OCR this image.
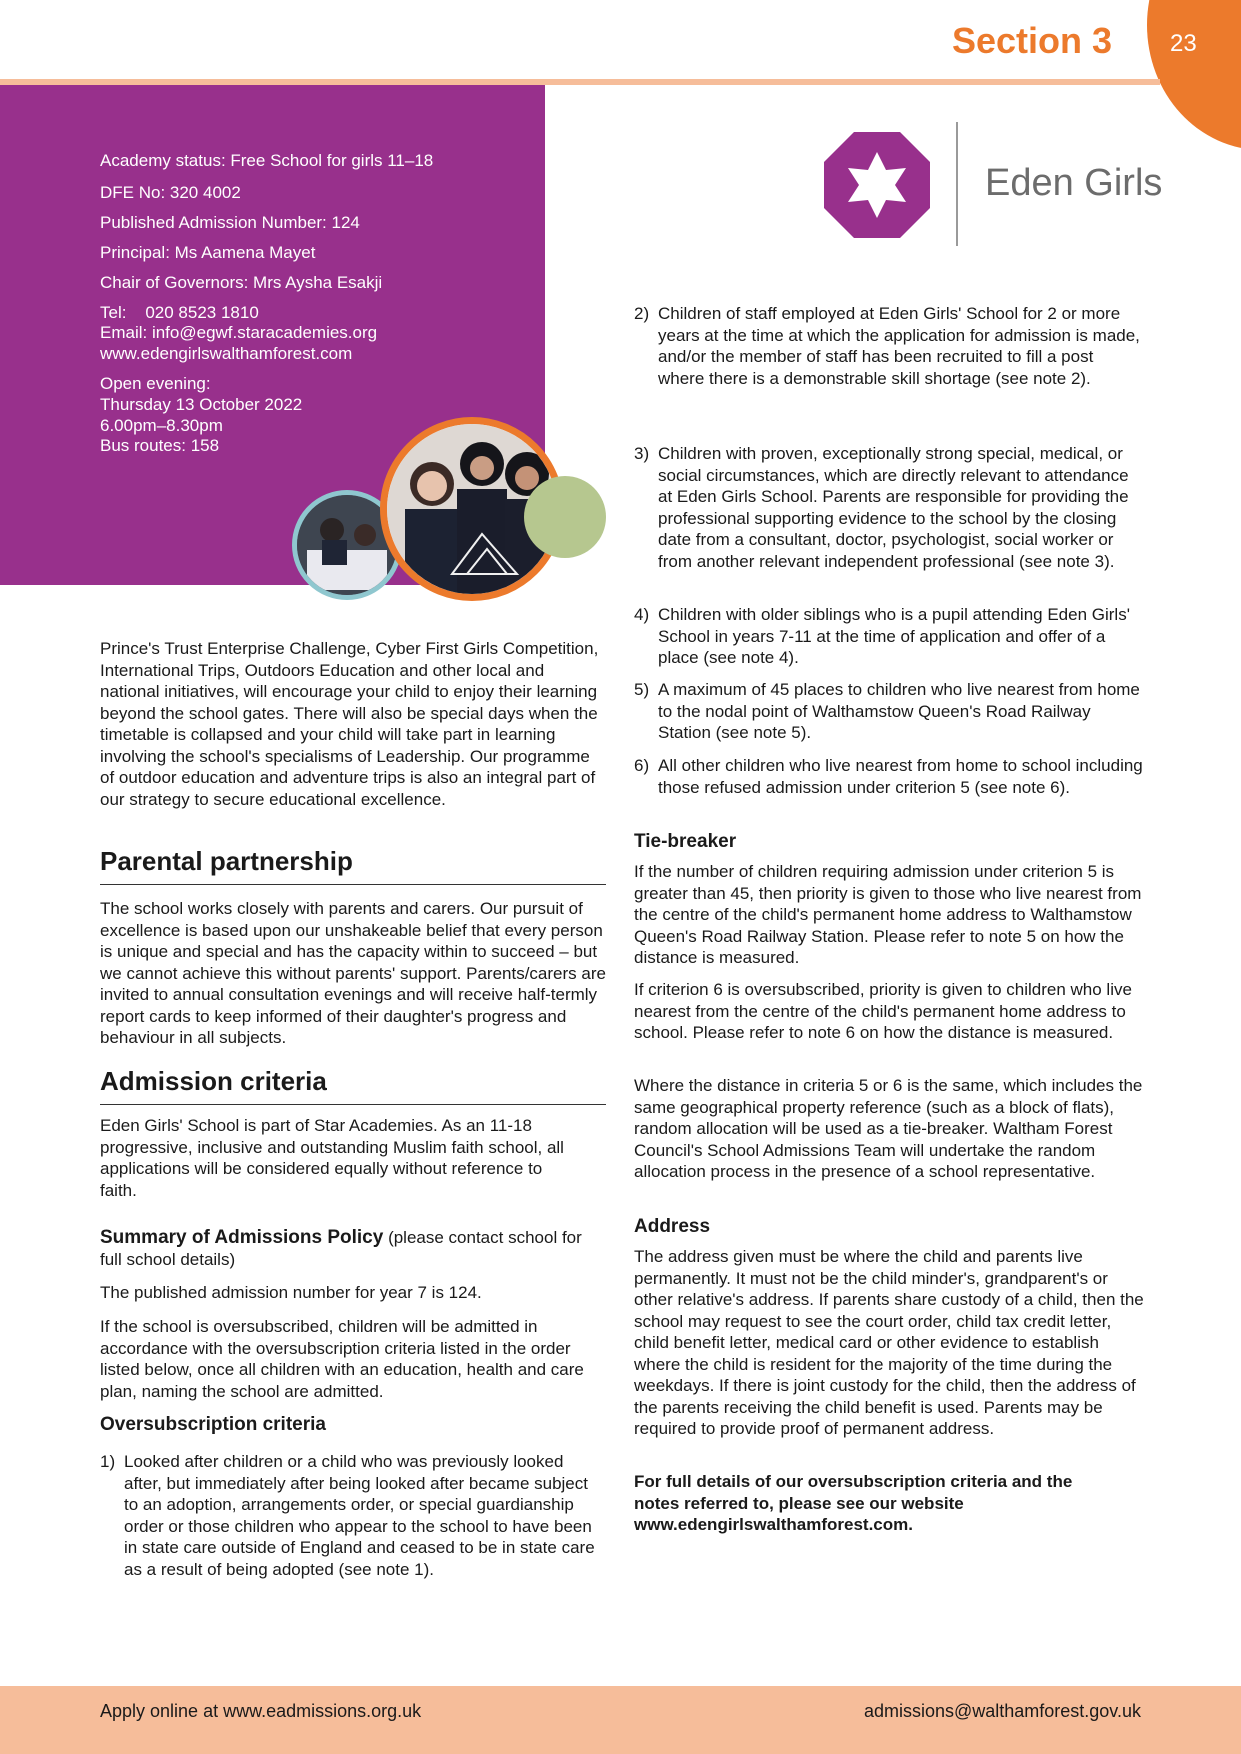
Section 3 23
Academy status: Free School for girls 11–18
DFE No: 320 4002
Published Admission Number: 124
Principal: Ms Aamena Mayet
Chair of Governors: Mrs Aysha Esakji
Tel:    020 8523 1810
Email: info@egwf.staracademies.org
www.edengirlswalthamforest.com
Open evening:
Thursday 13 October 2022
6.00pm–8.30pm
Bus routes: 158
Eden Girls
Prince's Trust Enterprise Challenge, Cyber First Girls Competition, International Trips, Outdoors Education and other local and national initiatives, will encourage your child to enjoy their learning beyond the school gates. There will also be special days when the timetable is collapsed and your child will take part in learning involving the school's specialisms of Leadership. Our programme of outdoor education and adventure trips is also an integral part of our strategy to secure educational excellence.
Parental partnership
The school works closely with parents and carers. Our pursuit of excellence is based upon our unshakeable belief that every person is unique and special and has the capacity within to succeed – but we cannot achieve this without parents' support. Parents/carers are invited to annual consultation evenings and will receive half-termly report cards to keep informed of their daughter's progress and behaviour in all subjects.
Admission criteria
Eden Girls' School is part of Star Academies. As an 11-18 progressive, inclusive and outstanding Muslim faith school, all applications will be considered equally without reference to faith.
Summary of Admissions Policy (please contact school for full school details)
The published admission number for year 7 is 124.
If the school is oversubscribed, children will be admitted in accordance with the oversubscription criteria listed in the order listed below, once all children with an education, health and care plan, naming the school are admitted.
Oversubscription criteria
1) Looked after children or a child who was previously looked after, but immediately after being looked after became subject to an adoption, arrangements order, or special guardianship order or those children who appear to the school to have been in state care outside of England and ceased to be in state care as a result of being adopted (see note 1).
2) Children of staff employed at Eden Girls' School for 2 or more years at the time at which the application for admission is made, and/or the member of staff has been recruited to fill a post where there is a demonstrable skill shortage (see note 2).
3) Children with proven, exceptionally strong special, medical, or social circumstances, which are directly relevant to attendance at Eden Girls School. Parents are responsible for providing the professional supporting evidence to the school by the closing date from a consultant, doctor, psychologist, social worker or from another relevant independent professional (see note 3).
4) Children with older siblings who is a pupil attending Eden Girls' School in years 7-11 at the time of application and offer of a place (see note 4).
5) A maximum of 45 places to children who live nearest from home to the nodal point of Walthamstow Queen's Road Railway Station (see note 5).
6) All other children who live nearest from home to school including those refused admission under criterion 5 (see note 6).
Tie-breaker
If the number of children requiring admission under criterion 5 is greater than 45, then priority is given to those who live nearest from the centre of the child's permanent home address to Walthamstow Queen's Road Railway Station. Please refer to note 5 on how the distance is measured.
If criterion 6 is oversubscribed, priority is given to children who live nearest from the centre of the child's permanent home address to school. Please refer to note 6 on how the distance is measured.
Where the distance in criteria 5 or 6 is the same, which includes the same geographical property reference (such as a block of flats), random allocation will be used as a tie-breaker. Waltham Forest Council's School Admissions Team will undertake the random allocation process in the presence of a school representative.
Address
The address given must be where the child and parents live permanently. It must not be the child minder's, grandparent's or other relative's address. If parents share custody of a child, then the school may request to see the court order, child tax credit letter, child benefit letter, medical card or other evidence to establish where the child is resident for the majority of the time during the weekdays. If there is joint custody for the child, then the address of the parents receiving the child benefit is used. Parents may be required to provide proof of permanent address.
For full details of our oversubscription criteria and the notes referred to, please see our website www.edengirlswalthamforest.com.
Apply online at www.eadmissions.org.uk	admissions@walthamforest.gov.uk
